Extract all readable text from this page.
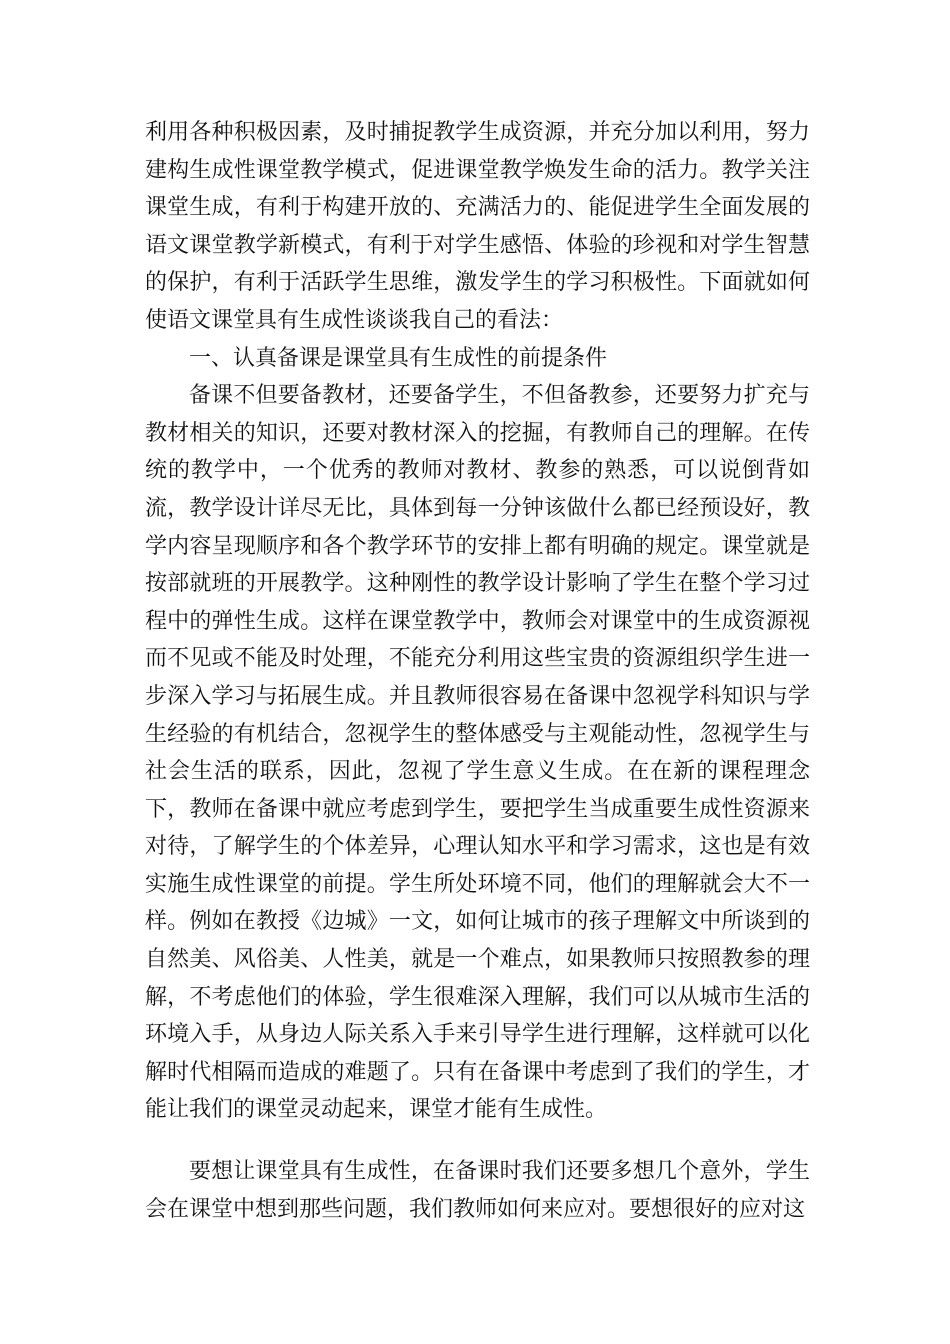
利用各种积极因素，及时捕捉教学生成资源，并充分加以利用，努力建构生成性课堂教学模式，促进课堂教学焕发生命的活力。教学关注课堂生成，有利于构建开放的、充满活力的、能促进学生全面发展的语文课堂教学新模式，有利于对学生感悟、体验的珍视和对学生智慧的保护，有利于活跃学生思维，激发学生的学习积极性。下面就如何使语文课堂具有生成性谈谈我自己的看法：

一、认真备课是课堂具有生成性的前提条件

备课不但要备教材，还要备学生，不但备教参，还要努力扩充与教材相关的知识，还要对教材深入的挖掘，有教师自己的理解。在传统的教学中，一个优秀的教师对教材、教参的熟悉，可以说倒背如流，教学设计详尽无比，具体到每一分钟该做什么都已经预设好，教学内容呈现顺序和各个教学环节的安排上都有明确的规定。课堂就是按部就班的开展教学。这种刚性的教学设计影响了学生在整个学习过程中的弹性生成。这样在课堂教学中，教师会对课堂中的生成资源视而不见或不能及时处理，不能充分利用这些宝贵的资源组织学生进一步深入学习与拓展生成。并且教师很容易在备课中忽视学科知识与学生经验的有机结合，忽视学生的整体感受与主观能动性，忽视学生与社会生活的联系，因此，忽视了学生意义生成。在在新的课程理念下，教师在备课中就应考虑到学生，要把学生当成重要生成性资源来对待，了解学生的个体差异，心理认知水平和学习需求，这也是有效实施生成性课堂的前提。学生所处环境不同，他们的理解就会大不一样。例如在教授《边城》一文，如何让城市的孩子理解文中所谈到的自然美、风俗美、人性美，就是一个难点，如果教师只按照教参的理解，不考虑他们的体验，学生很难深入理解，我们可以从城市生活的环境入手，从身边人际关系入手来引导学生进行理解，这样就可以化解时代相隔而造成的难题了。只有在备课中考虑到了我们的学生，才能让我们的课堂灵动起来，课堂才能有生成性。

要想让课堂具有生成性，在备课时我们还要多想几个意外，学生会在课堂中想到那些问题，我们教师如何来应对。要想很好的应对这
